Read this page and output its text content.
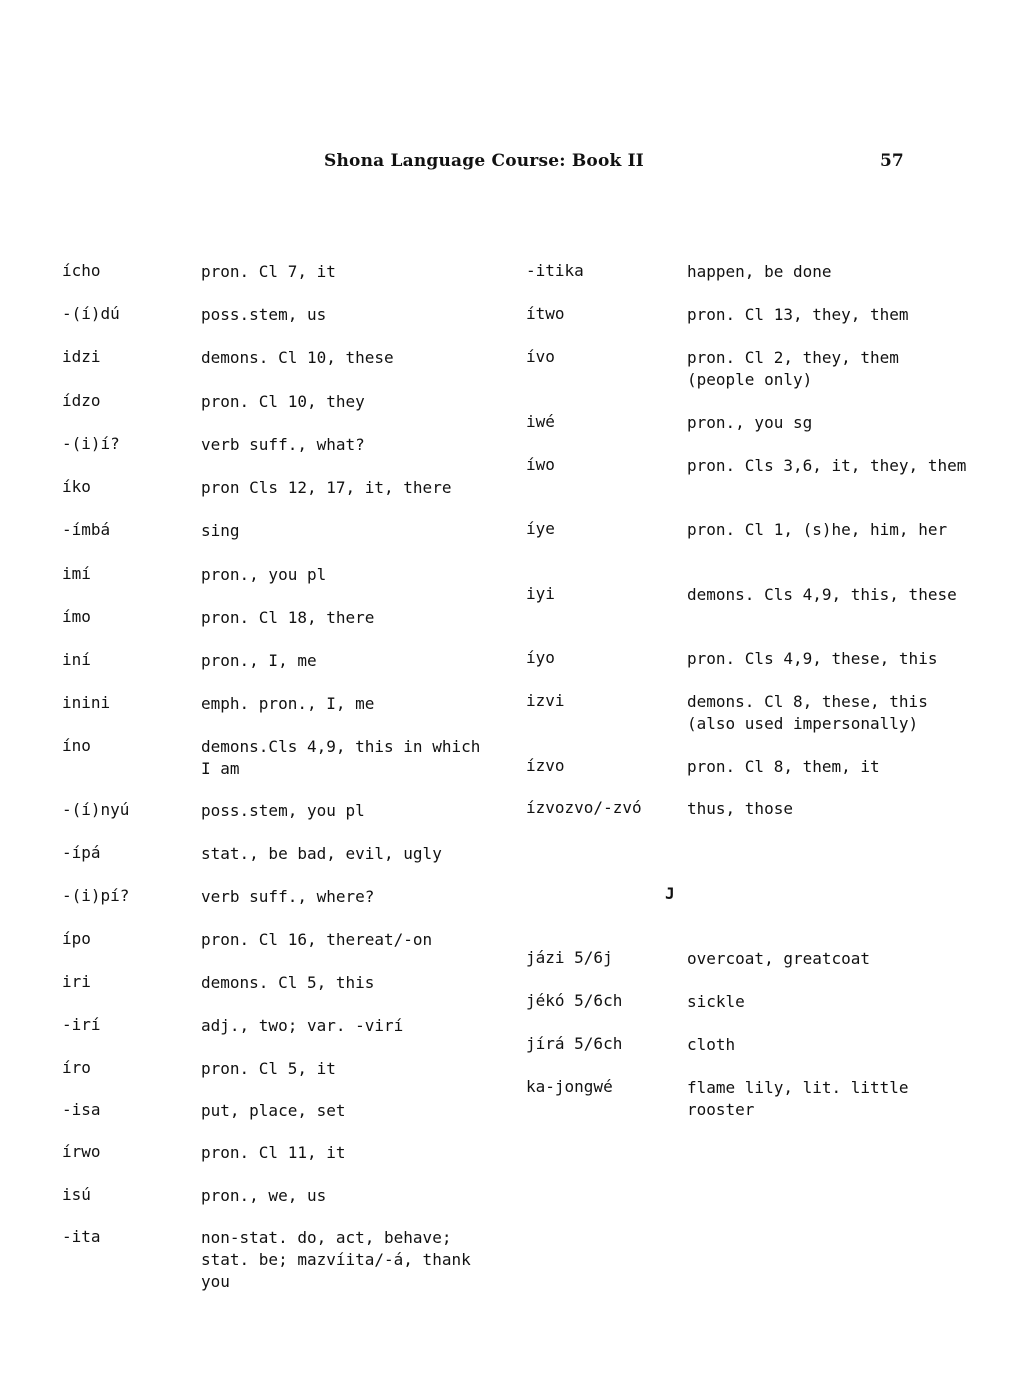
Shona Language Course: Book II	57
ícho	pron. Cl 7, it
-(í)dú	poss.stem, us
idzi	demons. Cl 10, these
ídzo	pron. Cl 10, they
-(i)í?	verb suff., what?
íko	pron Cls 12, 17, it, there
-ímbá	sing
imí	pron., you pl
ímo	pron. Cl 18, there
iní	pron., I, me
inini	emph. pron., I, me
íno	demons.Cls 4,9, this in which I am
-(í)nyú	poss.stem, you pl
-ípá	stat., be bad, evil, ugly
-(i)pí?	verb suff., where?
ípo	pron. Cl 16, thereat/-on
iri	demons. Cl 5, this
-irí	adj., two; var. -virí
íro	pron. Cl 5, it
-isa	put, place, set
írwo	pron. Cl 11, it
isú	pron., we, us
-ita	non-stat. do, act, behave; stat. be; mazvíita/-á, thank you
-itika	happen, be done
ítwo	pron. Cl 13, they, them
ívo	pron. Cl 2, they, them (people only)
iwé	pron., you sg
íwo	pron. Cls 3,6, it, they, them
íye	pron. Cl 1, (s)he, him, her
iyi	demons. Cls 4,9, this, these
íyo	pron. Cls 4,9, these, this
izvi	demons. Cl 8, these, this (also used impersonally)
ízvo	pron. Cl 8, them, it
ízvozvo/-zvó	thus, those
J
jázi 5/6j	overcoat, greatcoat
jékó 5/6ch	sickle
jírá 5/6ch	cloth
ka-jongwé	flame lily, lit. little rooster
